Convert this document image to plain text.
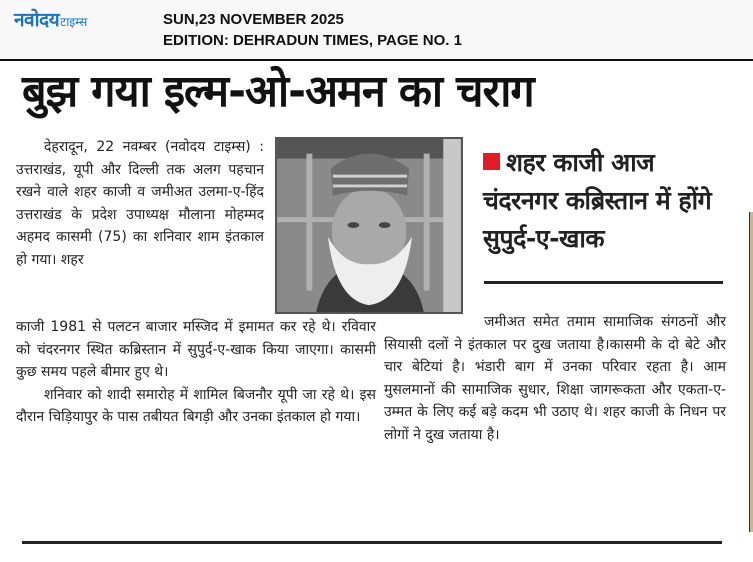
नवोदय टाइम्स	SUN,23 NOVEMBER 2025
EDITION: DEHRADUN TIMES, PAGE NO. 1
बुझ गया इल्म-ओ-अमन का चराग
देहरादून, 22 नवम्बर (नवोदय टाइम्स) : उत्तराखंड, यूपी और दिल्ली तक अलग पहचान रखने वाले शहर काजी व जमीअत उलमा-ए-हिंद उत्तराखंड के प्रदेश उपाध्यक्ष मौलाना मोहम्मद अहमद कासमी (75) का शनिवार शाम इंतकाल हो गया। शहर
काजी 1981 से पलटन बाजार मस्जिद में इमामत कर रहे थे। रविवार को चंदरनगर स्थित कब्रिस्तान में सुपुर्द-ए-खाक किया जाएगा। कासमी कुछ समय पहले बीमार हुए थे।
शनिवार को शादी समारोह में शामिल बिजनौर यूपी जा रहे थे। इस दौरान चिड़ियापुर के पास तबीयत बिगड़ी और उनका इंतकाल हो गया।
शहर काजी आज चंदरनगर कब्रिस्तान में होंगे सुपुर्द-ए-खाक
जमीअत समेत तमाम सामाजिक संगठनों और सियासी दलों ने इंतकाल पर दुख जताया है।कासमी के दो बेटे और चार बेटियां है। भंडारी बाग में उनका परिवार रहता है। आम मुसलमानों की सामाजिक सुधार, शिक्षा जागरूकता और एकता-ए-उम्मत के लिए कई बड़े कदम भी उठाए थे। शहर काजी के निधन पर लोगों ने दुख जताया है।
